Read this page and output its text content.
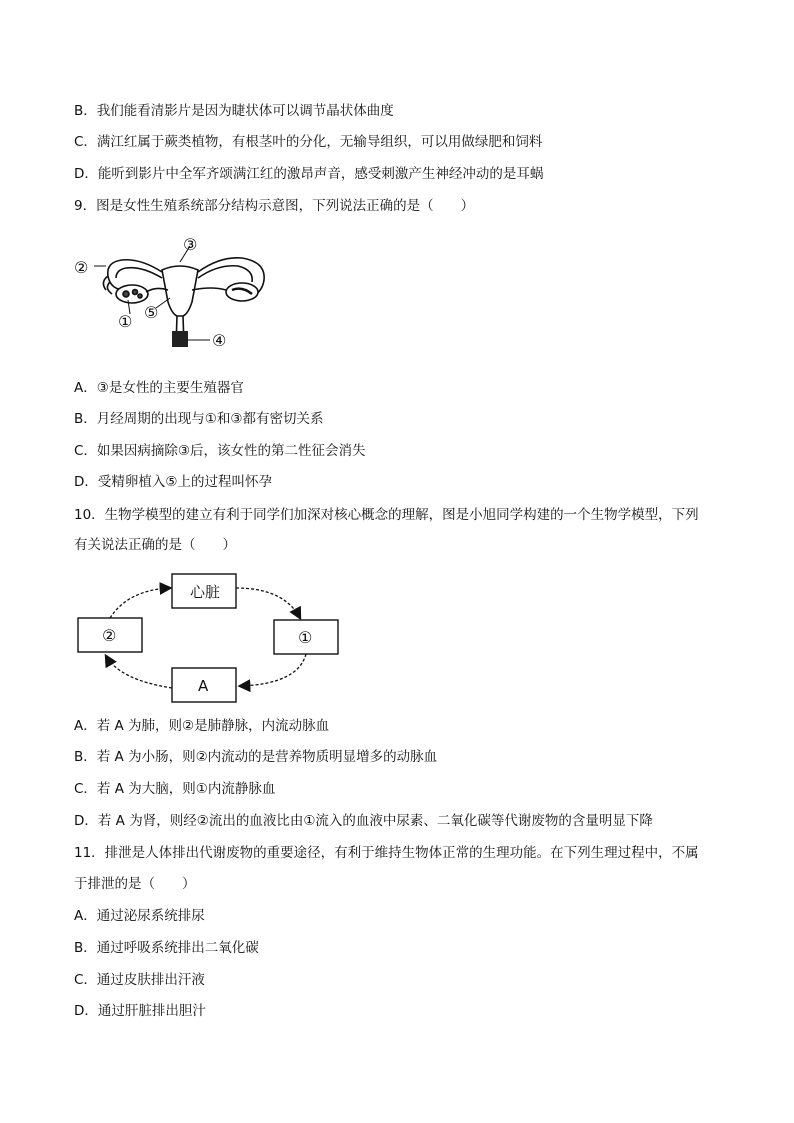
B．我们能看清影片是因为睫状体可以调节晶状体曲度
C．满江红属于蕨类植物，有根茎叶的分化，无输导组织，可以用做绿肥和饲料
D．能听到影片中全军齐颂满江红的激昂声音，感受刺激产生神经冲动的是耳蜗
9．图是女性生殖系统部分结构示意图，下列说法正确的是（　　）
③
②
① ⑤
④
A．③是女性的主要生殖器官
B．月经周期的出现与①和③都有密切关系
C．如果因病摘除③后，该女性的第二性征会消失
D．受精卵植入⑤上的过程叫怀孕
10．生物学模型的建立有利于同学们加深对核心概念的理解，图是小旭同学构建的一个生物学模型，下列
有关说法正确的是（　　）
心脏
①
②
A
A．若 A 为肺，则②是肺静脉，内流动脉血
B．若 A 为小肠，则②内流动的是营养物质明显增多的动脉血
C．若 A 为大脑，则①内流静脉血
D．若 A 为肾，则经②流出的血液比由①流入的血液中尿素、二氧化碳等代谢废物的含量明显下降
11．排泄是人体排出代谢废物的重要途径，有利于维持生物体正常的生理功能。在下列生理过程中，不属
于排泄的是（　　）
A．通过泌尿系统排尿
B．通过呼吸系统排出二氧化碳
C．通过皮肤排出汗液
D．通过肝脏排出胆汁
